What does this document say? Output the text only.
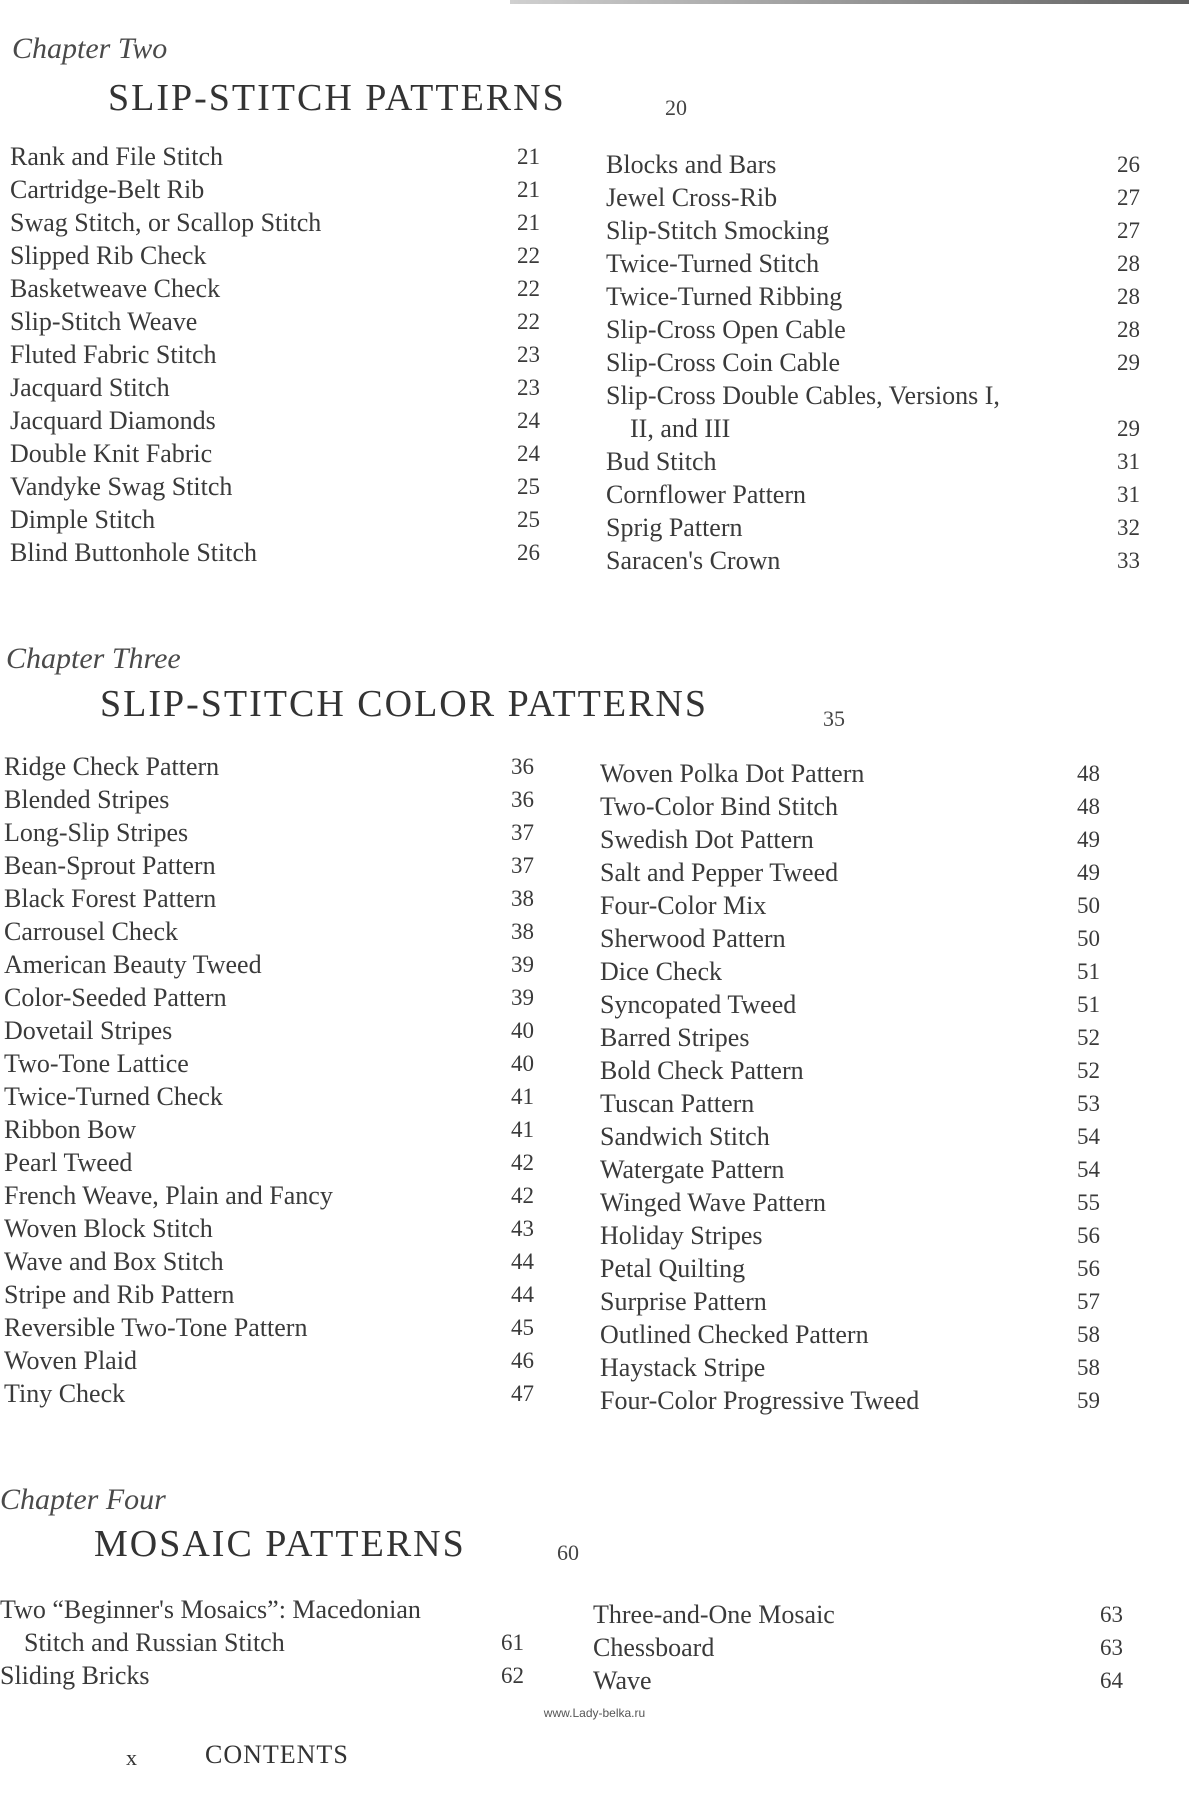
Chapter Two
SLIP-STITCH PATTERNS	20
Rank and File Stitch	21
Cartridge-Belt Rib	21
Swag Stitch, or Scallop Stitch	21
Slipped Rib Check	22
Basketweave Check	22
Slip-Stitch Weave	22
Fluted Fabric Stitch	23
Jacquard Stitch	23
Jacquard Diamonds	24
Double Knit Fabric	24
Vandyke Swag Stitch	25
Dimple Stitch	25
Blind Buttonhole Stitch	26
Blocks and Bars	26
Jewel Cross-Rib	27
Slip-Stitch Smocking	27
Twice-Turned Stitch	28
Twice-Turned Ribbing	28
Slip-Cross Open Cable	28
Slip-Cross Coin Cable	29
Slip-Cross Double Cables, Versions I,
II, and III	29
Bud Stitch	31
Cornflower Pattern	31
Sprig Pattern	32
Saracen's Crown	33
Chapter Three
SLIP-STITCH COLOR PATTERNS	35
Ridge Check Pattern	36
Blended Stripes	36
Long-Slip Stripes	37
Bean-Sprout Pattern	37
Black Forest Pattern	38
Carrousel Check	38
American Beauty Tweed	39
Color-Seeded Pattern	39
Dovetail Stripes	40
Two-Tone Lattice	40
Twice-Turned Check	41
Ribbon Bow	41
Pearl Tweed	42
French Weave, Plain and Fancy	42
Woven Block Stitch	43
Wave and Box Stitch	44
Stripe and Rib Pattern	44
Reversible Two-Tone Pattern	45
Woven Plaid	46
Tiny Check	47
Woven Polka Dot Pattern	48
Two-Color Bind Stitch	48
Swedish Dot Pattern	49
Salt and Pepper Tweed	49
Four-Color Mix	50
Sherwood Pattern	50
Dice Check	51
Syncopated Tweed	51
Barred Stripes	52
Bold Check Pattern	52
Tuscan Pattern	53
Sandwich Stitch	54
Watergate Pattern	54
Winged Wave Pattern	55
Holiday Stripes	56
Petal Quilting	56
Surprise Pattern	57
Outlined Checked Pattern	58
Haystack Stripe	58
Four-Color Progressive Tweed	59
Chapter Four
MOSAIC PATTERNS	60
Two “Beginner's Mosaics”: Macedonian
Stitch and Russian Stitch	61
Sliding Bricks	62
Three-and-One Mosaic	63
Chessboard	63
Wave	64
www.Lady-belka.ru
x	CONTENTS
